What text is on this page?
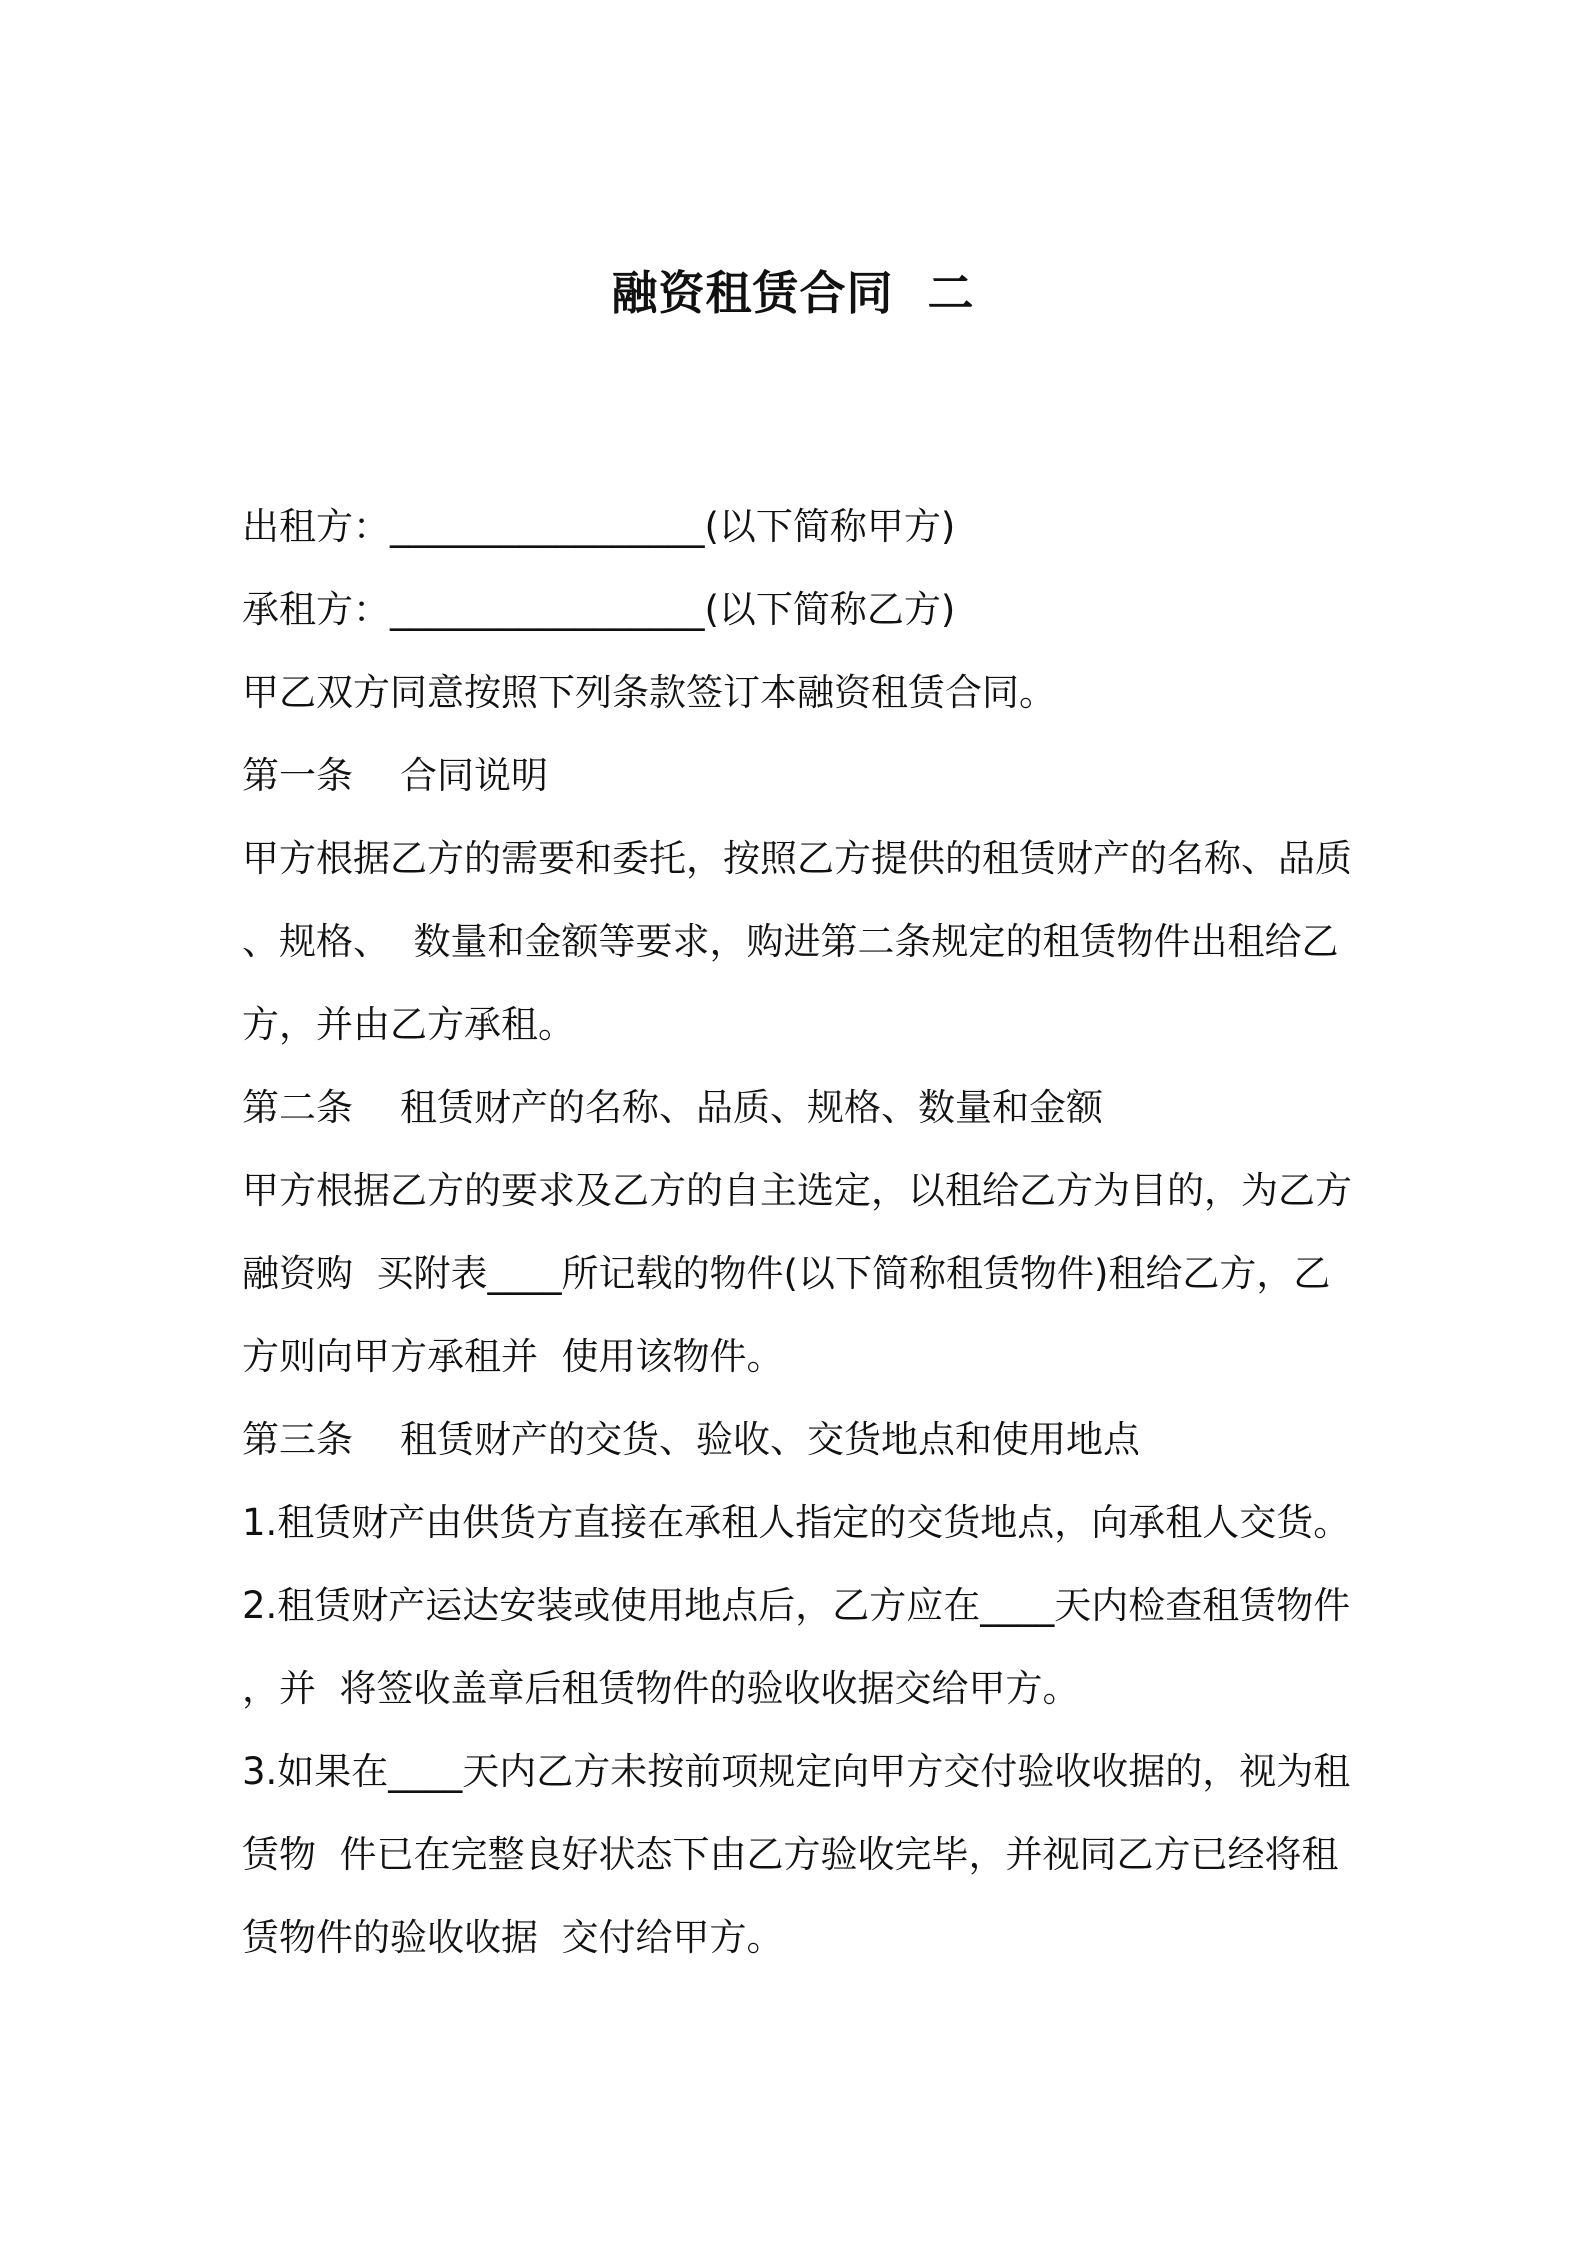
融资租赁合同  二

出租方：_________________(以下简称甲方)

承租方：_________________(以下简称乙方)

甲乙双方同意按照下列条款签订本融资租赁合同。

第一条    合同说明

甲方根据乙方的需要和委托，按照乙方提供的租赁财产的名称、品质

、规格、  数量和金额等要求，购进第二条规定的租赁物件出租给乙

方，并由乙方承租。

第二条    租赁财产的名称、品质、规格、数量和金额

甲方根据乙方的要求及乙方的自主选定，以租给乙方为目的，为乙方

融资购  买附表____所记载的物件(以下简称租赁物件)租给乙方，乙

方则向甲方承租并  使用该物件。

第三条    租赁财产的交货、验收、交货地点和使用地点

1.租赁财产由供货方直接在承租人指定的交货地点，向承租人交货。

2.租赁财产运达安装或使用地点后，乙方应在____天内检查租赁物件

，并  将签收盖章后租赁物件的验收收据交给甲方。

3.如果在____天内乙方未按前项规定向甲方交付验收收据的，视为租

赁物  件已在完整良好状态下由乙方验收完毕，并视同乙方已经将租

赁物件的验收收据  交付给甲方。
